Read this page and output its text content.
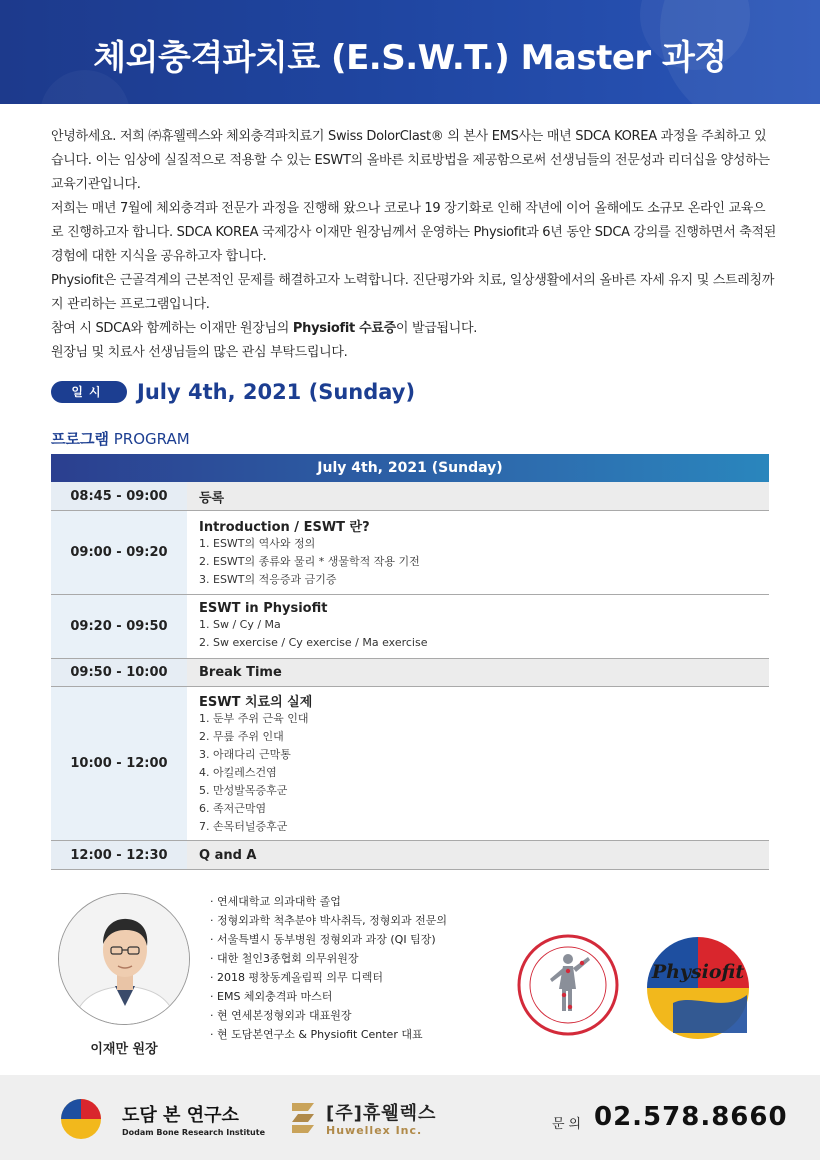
체외충격파치료 (E.S.W.T.) Master 과정

안녕하세요. 저희 ㈜휴웰렉스와 체외충격파치료기 Swiss DolorClast® 의 본사 EMS사는 매년 SDCA KOREA 과정을 주최하고 있습니다. 이는 임상에 실질적으로 적용할 수 있는 ESWT의 올바른 치료방법을 제공함으로써 선생님들의 전문성과 리더십을 양성하는 교육기관입니다.

저희는 매년 7월에 체외충격파 전문가 과정을 진행해 왔으나 코로나 19 장기화로 인해 작년에 이어 올해에도 소규모 온라인 교육으로 진행하고자 합니다. SDCA KOREA 국제강사 이재만 원장님께서 운영하는 Physiofit과 6년 동안 SDCA 강의를 진행하면서 축적된 경험에 대한 지식을 공유하고자 합니다.

Physiofit은 근골격계의 근본적인 문제를 해결하고자 노력합니다. 진단평가와 치료, 일상생활에서의 올바른 자세 유지 및 스트레칭까지 관리하는 프로그램입니다.

참여 시 SDCA와 함께하는 이재만 원장님의 Physiofit 수료증이 발급됩니다.

원장님 및 치료사 선생님들의 많은 관심 부탁드립니다.

일시	July 4th, 2021 (Sunday)
프로그램 PROGRAM
July 4th, 2021 (Sunday)
08:45 - 09:00	등록
09:00 - 09:20
Introduction / ESWT 란?
1. ESWT의 역사와 정의
2. ESWT의 종류와 물리 * 생물학적 작용 기전
3. ESWT의 적응증과 금기증
09:20 - 09:50
ESWT in Physiofit
1. Sw / Cy / Ma
2. Sw exercise / Cy exercise / Ma exercise
09:50 - 10:00	Break Time
10:00 - 12:00
ESWT 치료의 실제
1. 둔부 주위 근육 인대
2. 무릎 주위 인대
3. 아래다리 근막통
4. 아킬레스건염
5. 만성발목증후군
6. 족저근막염
7. 손목터널증후군
12:00 - 12:30	Q and A
이재만 원장
· 연세대학교 의과대학 졸업
· 정형외과학 척추분야 박사취득, 정형외과 전문의
· 서울특별시 동부병원 정형외과 과장 (QI 팀장)
· 대한 철인3종협회 의무위원장
· 2018 평창동계올림픽 의무 디렉터
· EMS 체외충격파 마스터
· 현 연세본정형외과 대표원장
· 현 도담본연구소 & Physiofit Center 대표
Physiofit
도담 본 연구소
Dodam Bone Research Institute
[주]휴웰렉스
Huwellex Inc.	문의 02.578.8660
